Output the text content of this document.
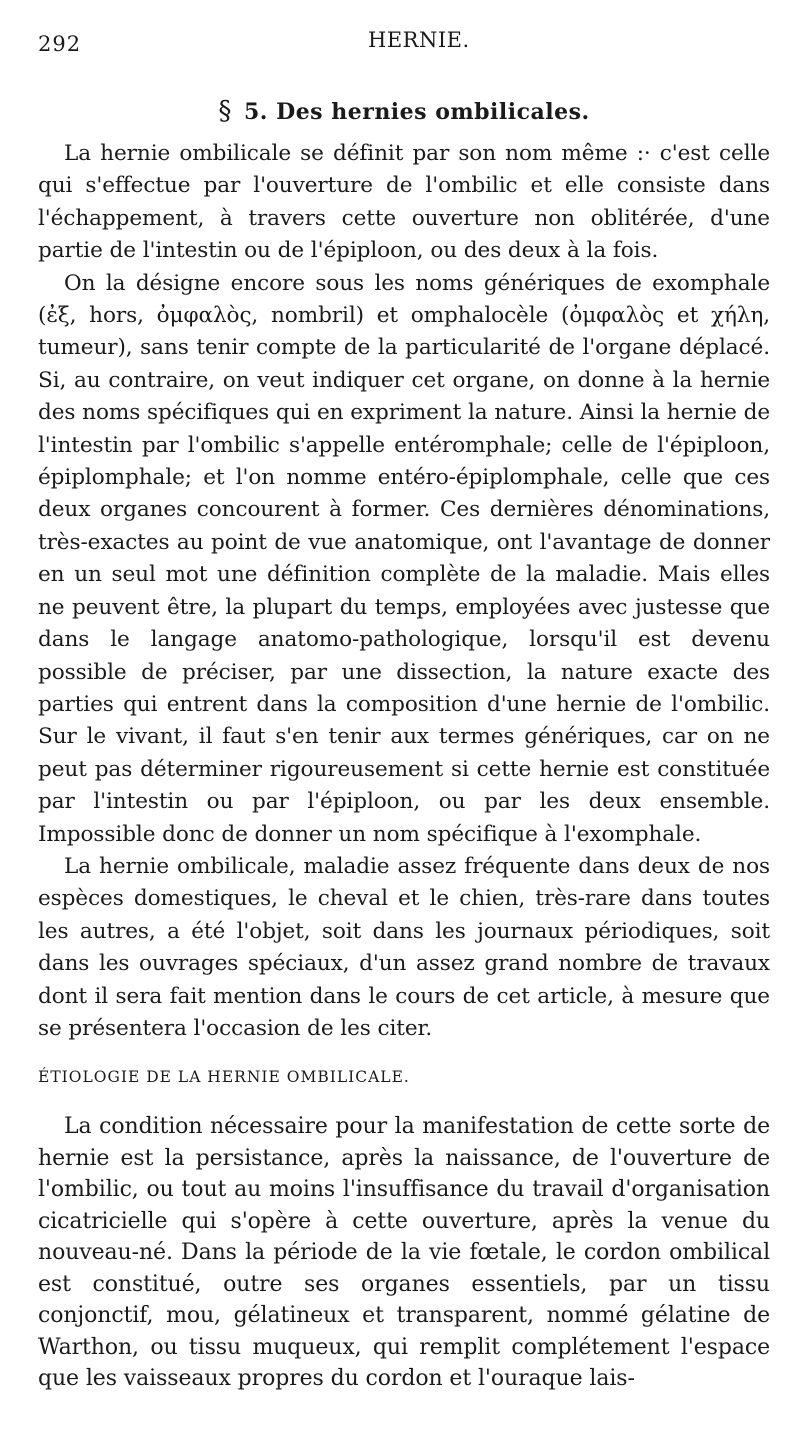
292	HERNIE.
§ 5. Des hernies ombilicales.

La hernie ombilicale se définit par son nom même :· c'est celle qui s'effectue par l'ouverture de l'ombilic et elle consiste dans l'échappement, à travers cette ouverture non oblitérée, d'une partie de l'intestin ou de l'épiploon, ou des deux à la fois.

On la désigne encore sous les noms génériques de exomphale (ἐξ, hors, ὀμφαλὸς, nombril) et omphalocèle (ὀμφαλὸς et χήλη, tumeur), sans tenir compte de la particularité de l'organe déplacé. Si, au contraire, on veut indiquer cet organe, on donne à la hernie des noms spécifiques qui en expriment la nature. Ainsi la hernie de l'intestin par l'ombilic s'appelle entéromphale; celle de l'épiploon, épiplomphale; et l'on nomme entéro-épiplomphale, celle que ces deux organes concourent à former. Ces dernières dénominations, très-exactes au point de vue anatomique, ont l'avantage de donner en un seul mot une définition complète de la maladie. Mais elles ne peuvent être, la plupart du temps, employées avec justesse que dans le langage anatomo-pathologique, lorsqu'il est devenu possible de préciser, par une dissection, la nature exacte des parties qui entrent dans la composition d'une hernie de l'ombilic. Sur le vivant, il faut s'en tenir aux termes génériques, car on ne peut pas déterminer rigoureusement si cette hernie est constituée par l'intestin ou par l'épiploon, ou par les deux ensemble. Impossible donc de donner un nom spécifique à l'exomphale.

La hernie ombilicale, maladie assez fréquente dans deux de nos espèces domestiques, le cheval et le chien, très-rare dans toutes les autres, a été l'objet, soit dans les journaux périodiques, soit dans les ouvrages spéciaux, d'un assez grand nombre de travaux dont il sera fait mention dans le cours de cet article, à mesure que se présentera l'occasion de les citer.

ÉTIOLOGIE DE LA HERNIE OMBILICALE.

La condition nécessaire pour la manifestation de cette sorte de hernie est la persistance, après la naissance, de l'ouverture de l'ombilic, ou tout au moins l'insuffisance du travail d'organisation cicatricielle qui s'opère à cette ouverture, après la venue du nouveau-né. Dans la période de la vie fœtale, le cordon ombilical est constitué, outre ses organes essentiels, par un tissu conjonctif, mou, gélatineux et transparent, nommé gélatine de Warthon, ou tissu muqueux, qui remplit complétement l'espace que les vaisseaux propres du cordon et l'ouraque lais-
